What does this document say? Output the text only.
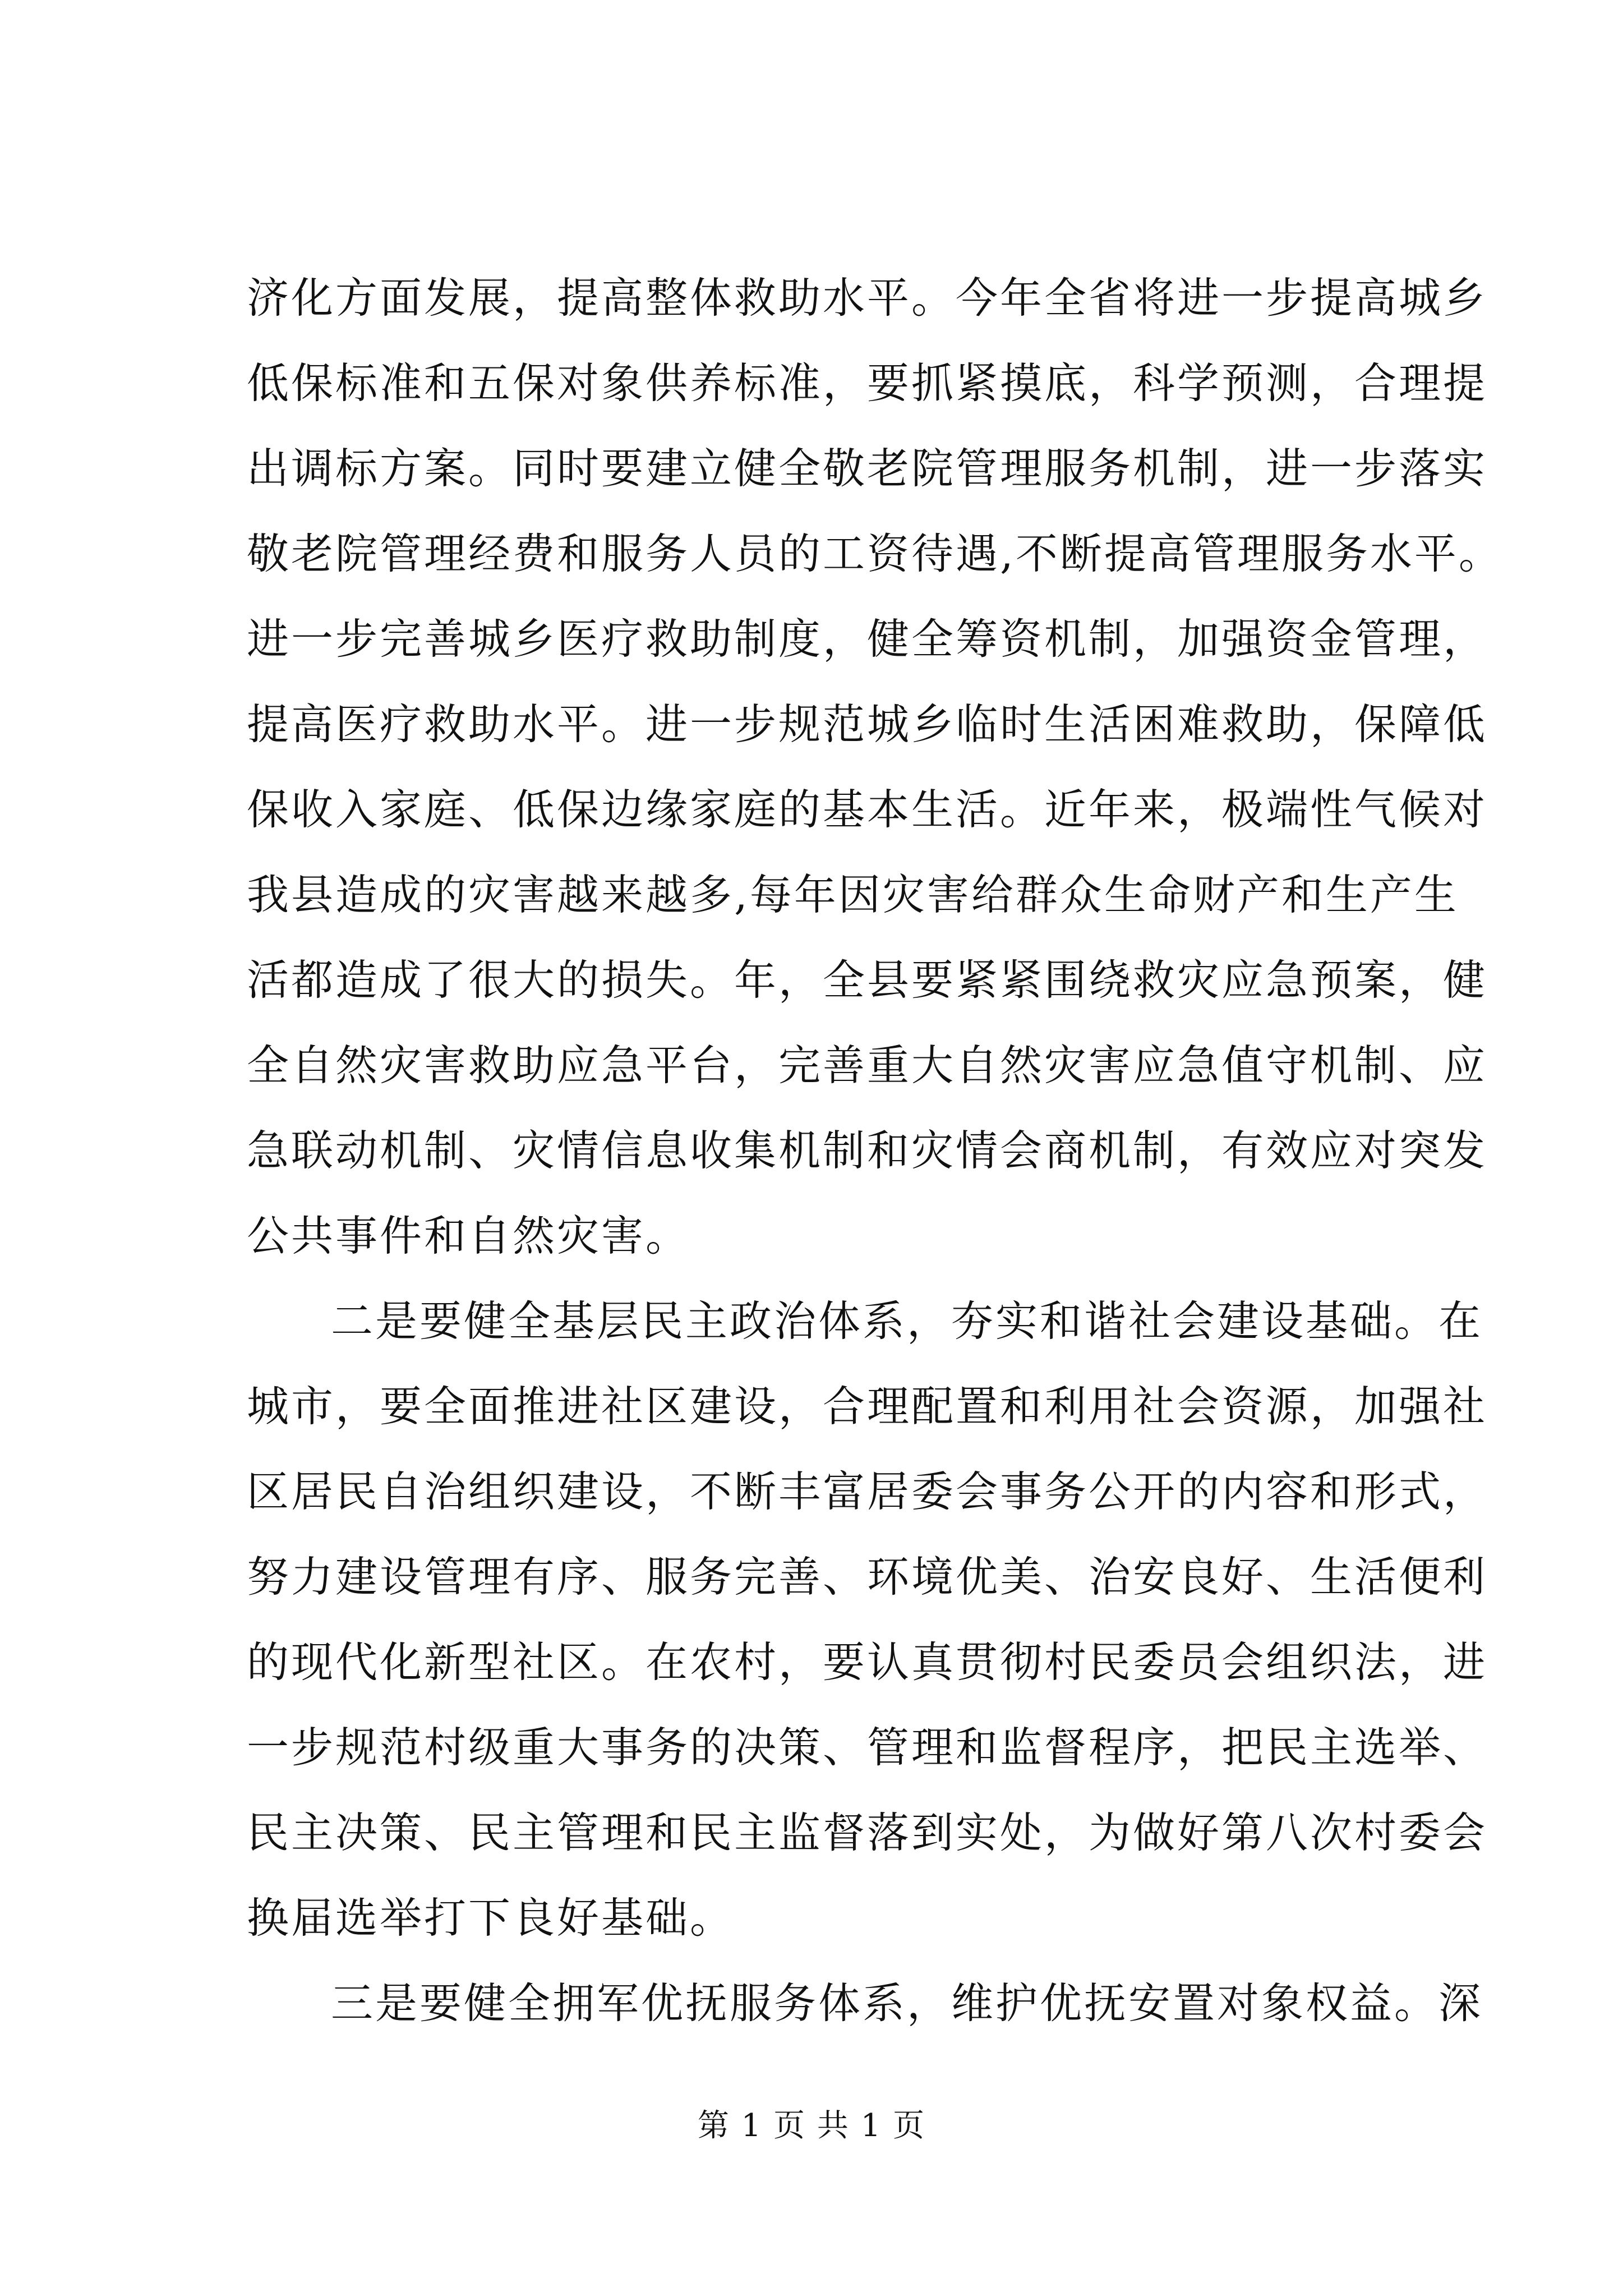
济化方面发展，提高整体救助水平。今年全省将进一步提高城乡
低保标准和五保对象供养标准，要抓紧摸底，科学预测，合理提
出调标方案。同时要建立健全敬老院管理服务机制，进一步落实
敬老院管理经费和服务人员的工资待遇,不断提高管理服务水平。
进一步完善城乡医疗救助制度，健全筹资机制，加强资金管理，
提高医疗救助水平。进一步规范城乡临时生活困难救助，保障低
保收入家庭、低保边缘家庭的基本生活。近年来，极端性气候对
我县造成的灾害越来越多,每年因灾害给群众生命财产和生产生
活都造成了很大的损失。年，全县要紧紧围绕救灾应急预案，健
全自然灾害救助应急平台，完善重大自然灾害应急值守机制、应
急联动机制、灾情信息收集机制和灾情会商机制，有效应对突发
公共事件和自然灾害。
二是要健全基层民主政治体系，夯实和谐社会建设基础。在
城市，要全面推进社区建设，合理配置和利用社会资源，加强社
区居民自治组织建设，不断丰富居委会事务公开的内容和形式，
努力建设管理有序、服务完善、环境优美、治安良好、生活便利
的现代化新型社区。在农村，要认真贯彻村民委员会组织法，进
一步规范村级重大事务的决策、管理和监督程序，把民主选举、
民主决策、民主管理和民主监督落到实处，为做好第八次村委会
换届选举打下良好基础。
三是要健全拥军优抚服务体系，维护优抚安置对象权益。深
第 1 页 共 1 页
